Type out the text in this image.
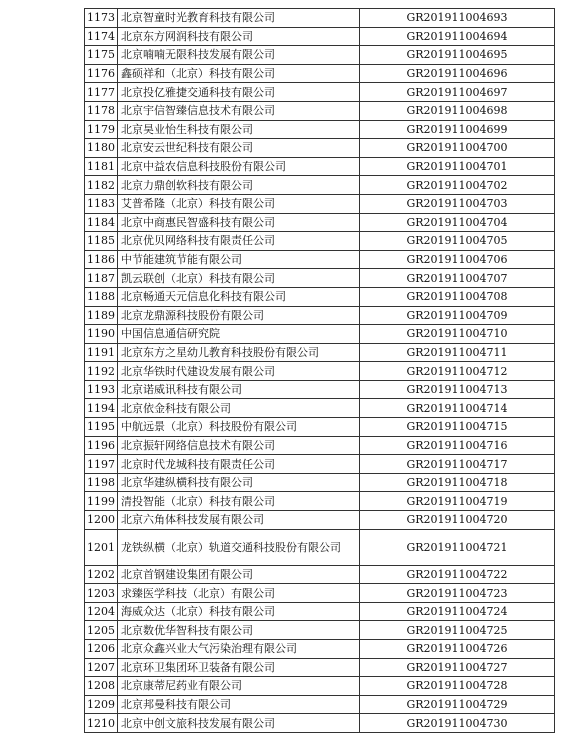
1173	北京智童时光教育科技有限公司	GR201911004693
1174	北京东方网润科技有限公司	GR201911004694
1175	北京喃喃无限科技发展有限公司	GR201911004695
1176	鑫硕祥和（北京）科技有限公司	GR201911004696
1177	北京投亿雅捷交通科技有限公司	GR201911004697
1178	北京宇信智臻信息技术有限公司	GR201911004698
1179	北京昊业怡生科技有限公司	GR201911004699
1180	北京安云世纪科技有限公司	GR201911004700
1181	北京中益农信息科技股份有限公司	GR201911004701
1182	北京力鼎创软科技有限公司	GR201911004702
1183	艾普希隆（北京）科技有限公司	GR201911004703
1184	北京中商惠民智盛科技有限公司	GR201911004704
1185	北京优贝网络科技有限责任公司	GR201911004705
1186	中节能建筑节能有限公司	GR201911004706
1187	凯云联创（北京）科技有限公司	GR201911004707
1188	北京畅通天元信息化科技有限公司	GR201911004708
1189	北京龙鼎源科技股份有限公司	GR201911004709
1190	中国信息通信研究院	GR201911004710
1191	北京东方之星幼儿教育科技股份有限公司	GR201911004711
1192	北京华铁时代建设发展有限公司	GR201911004712
1193	北京诺威讯科技有限公司	GR201911004713
1194	北京依金科技有限公司	GR201911004714
1195	中航远景（北京）科技股份有限公司	GR201911004715
1196	北京振轩网络信息技术有限公司	GR201911004716
1197	北京时代龙城科技有限责任公司	GR201911004717
1198	北京华建纵横科技有限公司	GR201911004718
1199	清投智能（北京）科技有限公司	GR201911004719
1200	北京六角体科技发展有限公司	GR201911004720
1201	龙铁纵横（北京）轨道交通科技股份有限公司	GR201911004721
1202	北京首钢建设集团有限公司	GR201911004722
1203	求臻医学科技（北京）有限公司	GR201911004723
1204	海威众达（北京）科技有限公司	GR201911004724
1205	北京数优华智科技有限公司	GR201911004725
1206	北京众鑫兴业大气污染治理有限公司	GR201911004726
1207	北京环卫集团环卫装备有限公司	GR201911004727
1208	北京康蒂尼药业有限公司	GR201911004728
1209	北京邦曼科技有限公司	GR201911004729
1210	北京中创文旅科技发展有限公司	GR201911004730
